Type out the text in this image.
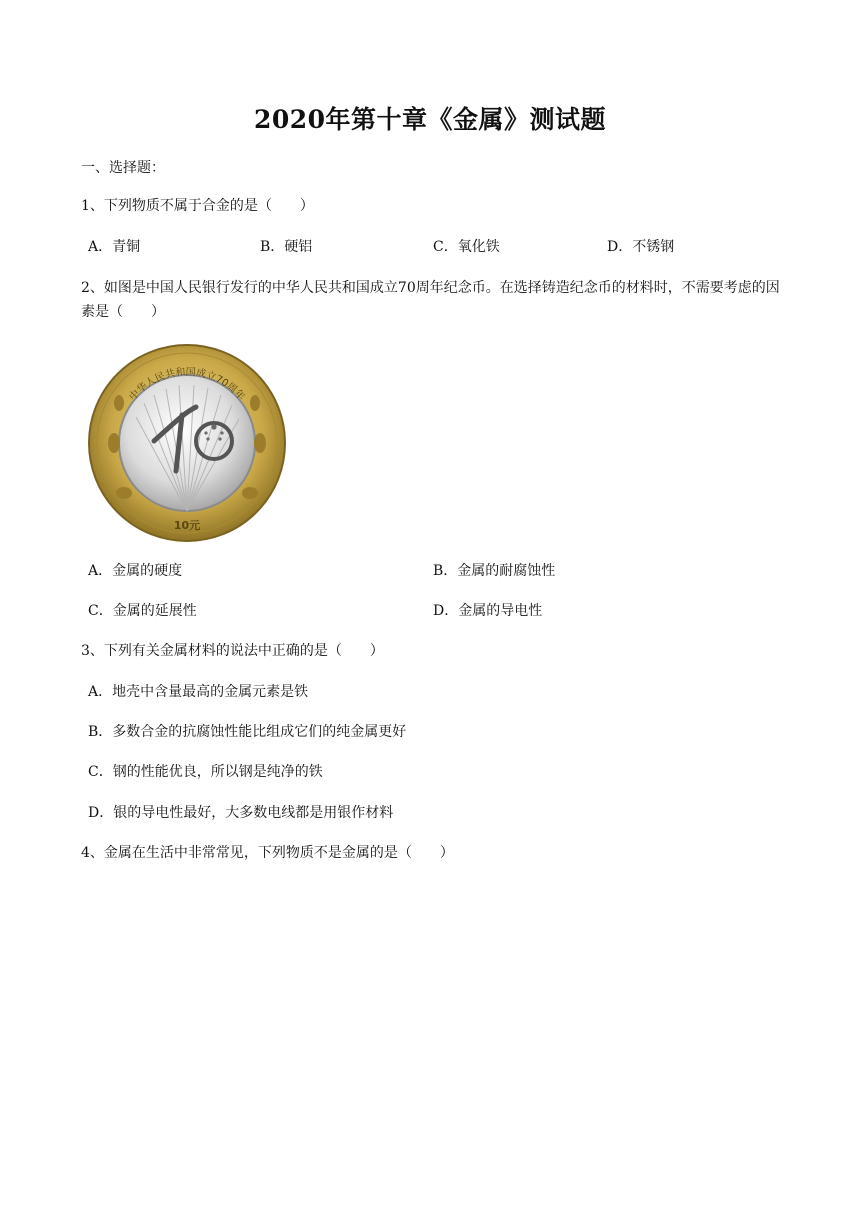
2020年第十章《金属》测试题
一、选择题：
1、下列物质不属于合金的是（　　）
A．青铜	B．硬铝	C．氧化铁	D．不锈钢
2、如图是中国人民银行发行的中华人民共和国成立70周年纪念币。在选择铸造纪念币的材料时，不需要考虑的因素是（　　）
中华人民共和国成立70周年
10元
A．金属的硬度	B．金属的耐腐蚀性
C．金属的延展性	D．金属的导电性
3、下列有关金属材料的说法中正确的是（　　）
A．地壳中含量最高的金属元素是铁
B．多数合金的抗腐蚀性能比组成它们的纯金属更好
C．钢的性能优良，所以钢是纯净的铁
D．银的导电性最好，大多数电线都是用银作材料
4、金属在生活中非常常见，下列物质不是金属的是（　　）
